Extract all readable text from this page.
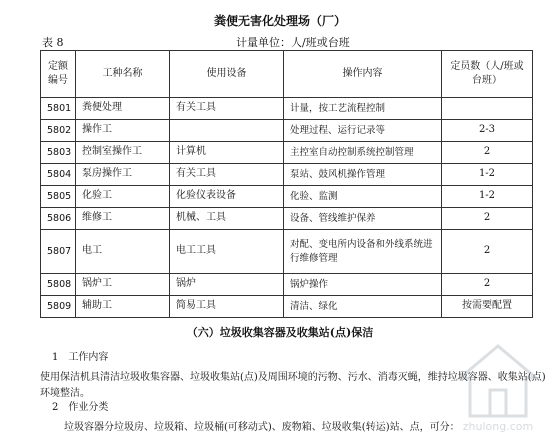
粪便无害化处理场（厂）
表 8	计量单位：人/班或台班
定额编号	工种名称	使用设备	操作内容	定员数（人/班或台班）
5801	粪便处理	有关工具	计量，按工艺流程控制	
5802	操作工		处理过程、运行记录等	2-3
5803	控制室操作工	计算机	主控室自动控制系统控制管理	2
5804	泵房操作工	有关工具	泵站、鼓风机操作管理	1-2
5805	化验工	化验仪表设备	化验、监测	1-2
5806	维修工	机械、工具	设备、管线维护保养	2
5807	电工	电工工具	对配、变电所内设备和外线系统进行维修管理	2
5808	锅炉工	锅炉	锅炉操作	2
5809	辅助工	简易工具	清洁、绿化	按需要配置
（六）垃圾收集容器及收集站(点)保洁
1　工作内容
使用保洁机具清洁垃圾收集容器、垃圾收集站(点)及周围环境的污物、污水、消毒灭蝇，维持垃圾容器、收集站(点)
环境整洁。
2　作业分类
垃圾容器分垃圾房、垃圾箱、垃圾桶(可移动式)、废物箱、垃圾收集(转运)站、点，可分： zhulong.com
